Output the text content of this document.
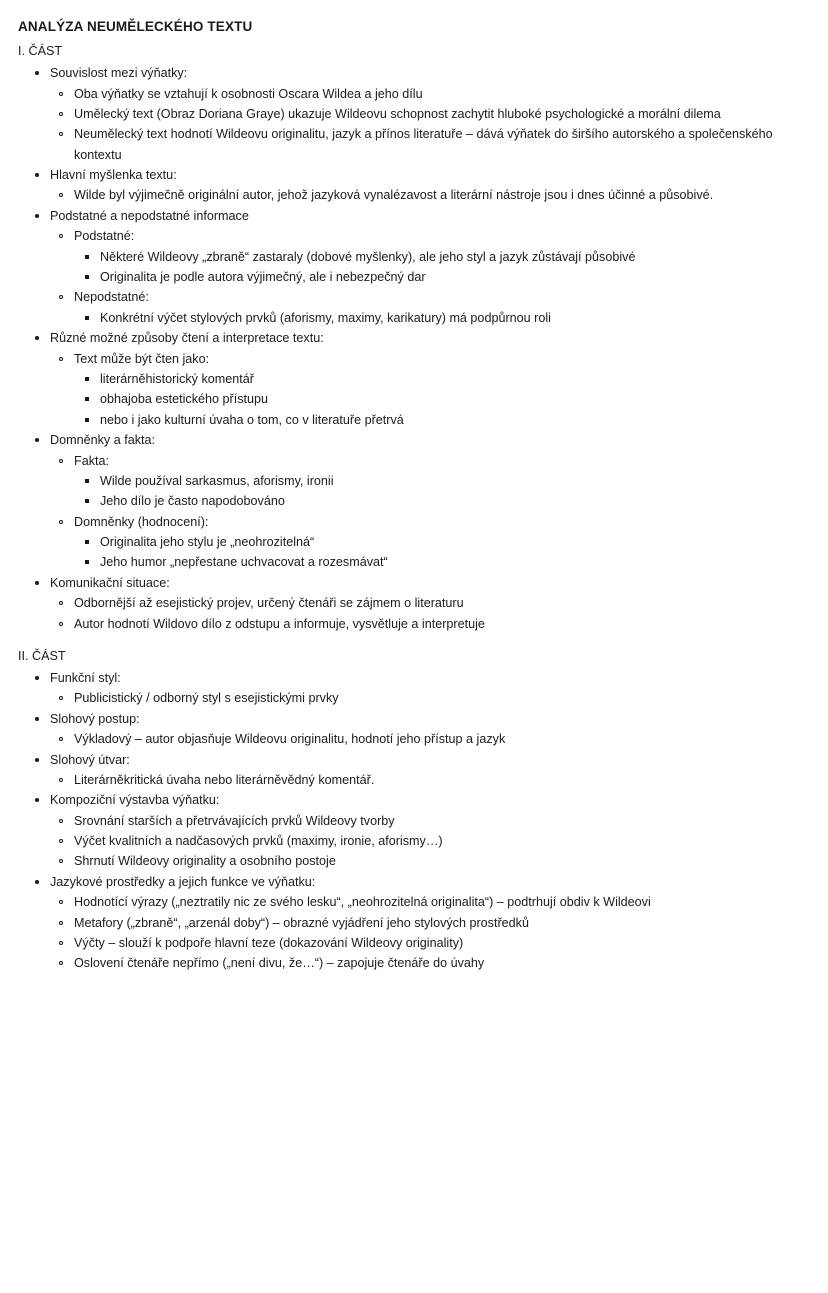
ANALÝZA NEUMĚLECKÉHO TEXTU
I. ČÁST
Souvislost mezi výňatky:
Oba výňatky se vztahují k osobnosti Oscara Wildea a jeho dílu
Umělecký text (Obraz Doriana Graye) ukazuje Wildeovu schopnost zachytit hluboké psychologické a morální dilema
Neumělecký text hodnotí Wildeovu originalitu, jazyk a přínos literatuře – dává výňatek do širšího autorského a společenského kontextu
Hlavní myšlenka textu:
Wilde byl výjimečně originální autor, jehož jazyková vynalézavost a literární nástroje jsou i dnes účinné a působivé.
Podstatné a nepodstatné informace
Podstatné:
Některé Wildeovy „zbraně“ zastaraly (dobové myšlenky), ale jeho styl a jazyk zůstávají působivé
Originalita je podle autora výjimečný, ale i nebezpečný dar
Nepodstatné:
Konkrétní výčet stylových prvků (aforismy, maximy, karikatury) má podpůrnou roli
Různé možné způsoby čtení a interpretace textu:
Text může být čten jako:
literárněhistorický komentář
obhajoba estetického přístupu
nebo i jako kulturní úvaha o tom, co v literatuře přetrvá
Domněnky a fakta:
Fakta:
Wilde používal sarkasmus, aforismy, ironii
Jeho dílo je často napodobováno
Domněnky (hodnocení):
Originalita jeho stylu je „neohrozitelná“
Jeho humor „nepřestane uchvacovat a rozesmávat“
Komunikační situace:
Odbornější až esejistický projev, určený čtenáři se zájmem o literaturu
Autor hodnotí Wildovo dílo z odstupu a informuje, vysvětluje a interpretuje
II. ČÁST
Funkční styl:
Publicistický / odborný styl s esejistickými prvky
Slohový postup:
Výkladový – autor objasňuje Wildeovu originalitu, hodnotí jeho přístup a jazyk
Slohový útvar:
Literárněkritická úvaha nebo literárněvědný komentář.
Kompoziční výstavba výňatku:
Srovnání starších a přetrvávajících prvků Wildeovy tvorby
Výčet kvalitních a nadčasových prvků (maximy, ironie, aforismy…)
Shrnutí Wildeovy originality a osobního postoje
Jazykové prostředky a jejich funkce ve výňatku:
Hodnotící výrazy („neztratily nic ze svého lesku“, „neohrozitelná originalita“) – podtrhují obdiv k Wildeovi
Metafory („zbraně“, „arzenál doby“) – obrazné vyjádření jeho stylových prostředků
Výčty – slouží k podpoře hlavní teze (dokazování Wildeovy originality)
Oslovení čtenáře nepřímo („není divu, že…“) – zapojuje čtenáře do úvahy
